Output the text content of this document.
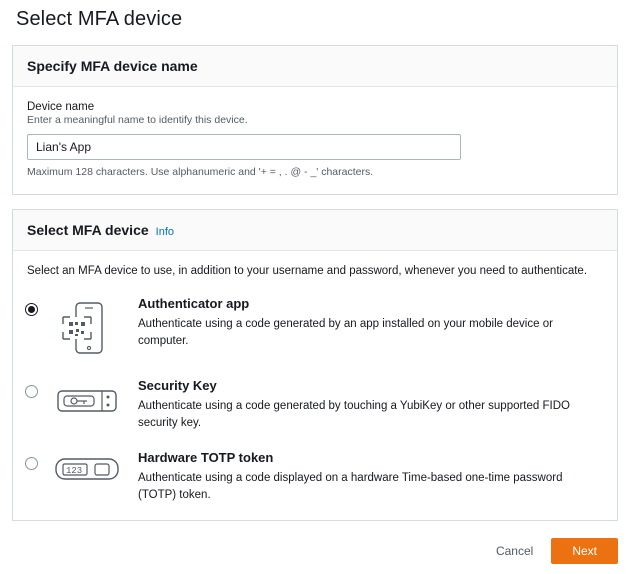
Select MFA device
Specify MFA device name

Device name

Enter a meaningful name to identify this device.

Lian's App

Maximum 128 characters. Use alphanumeric and '+ = , . @ - _' characters.

Select MFA device Info

Select an MFA device to use, in addition to your username and password, whenever you need to authenticate.

Authenticator app

Authenticate using a code generated by an app installed on your mobile device or computer.

Security Key

Authenticate using a code generated by touching a YubiKey or other supported FIDO security key.

123

Hardware TOTP token

Authenticate using a code displayed on a hardware Time-based one-time password (TOTP) token.

Cancel	Next
